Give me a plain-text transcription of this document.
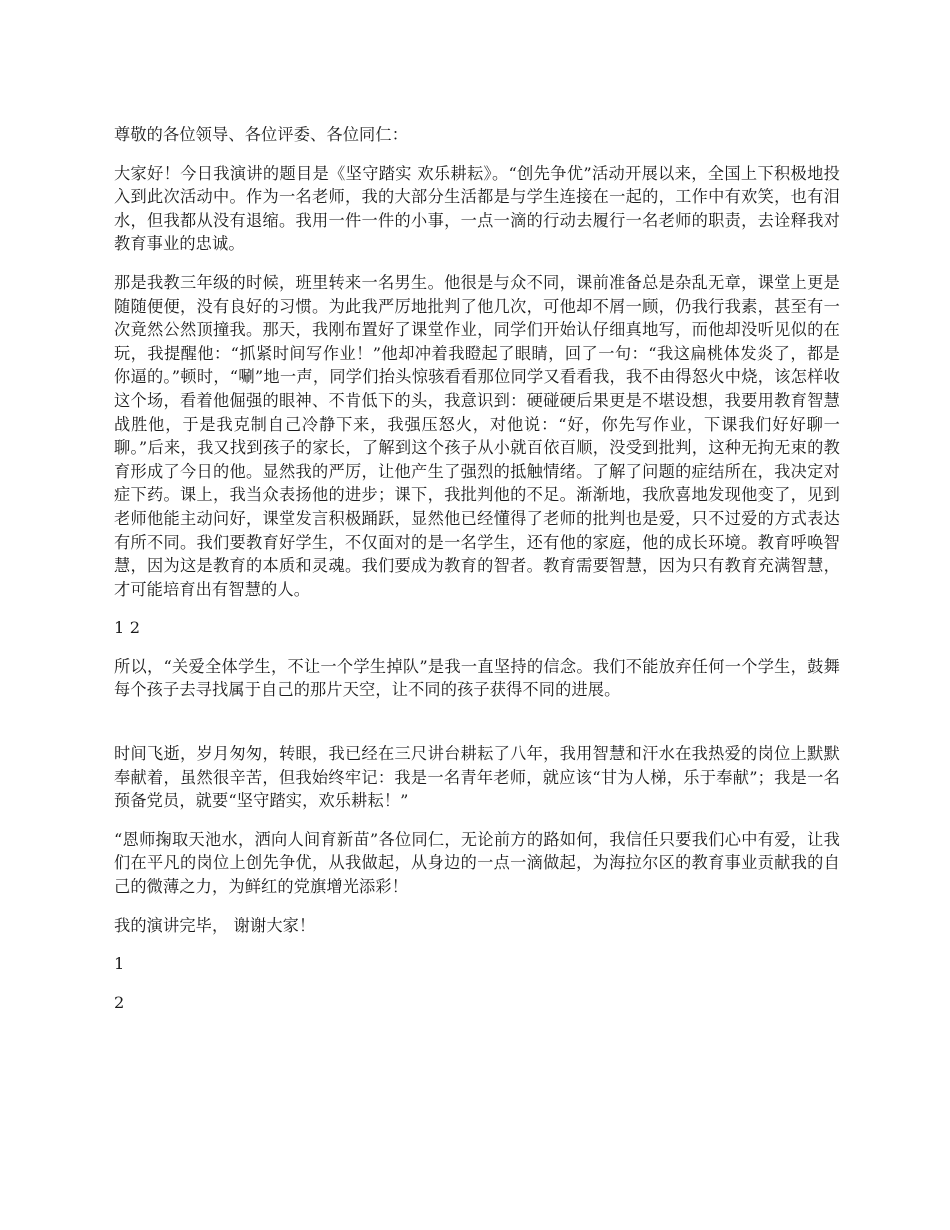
尊敬的各位领导、各位评委、各位同仁：

大家好！今日我演讲的题目是《坚守踏实 欢乐耕耘》。“创先争优”活动开展以来，全国上下积极地投入到此次活动中。作为一名老师，我的大部分生活都是与学生连接在一起的，工作中有欢笑，也有泪水，但我都从没有退缩。我用一件一件的小事，一点一滴的行动去履行一名老师的职责，去诠释我对教育事业的忠诚。

那是我教三年级的时候，班里转来一名男生。他很是与众不同，课前准备总是杂乱无章，课堂上更是随随便便，没有良好的习惯。为此我严厉地批判了他几次，可他却不屑一顾，仍我行我素，甚至有一次竟然公然顶撞我。那天，我刚布置好了课堂作业，同学们开始认仔细真地写，而他却没听见似的在玩，我提醒他：“抓紧时间写作业！”他却冲着我瞪起了眼睛，回了一句：“我这扁桃体发炎了，都是你逼的。”顿时，“唰”地一声，同学们抬头惊骇看看那位同学又看看我，我不由得怒火中烧，该怎样收这个场，看着他倔强的眼神、不肯低下的头，我意识到：硬碰硬后果更是不堪设想，我要用教育智慧战胜他，于是我克制自己冷静下来，我强压怒火，对他说：“好，你先写作业，下课我们好好聊一聊。”后来，我又找到孩子的家长，了解到这个孩子从小就百依百顺，没受到批判，这种无拘无束的教育形成了今日的他。显然我的严厉，让他产生了强烈的抵触情绪。了解了问题的症结所在，我决定对症下药。课上，我当众表扬他的进步；课下，我批判他的不足。渐渐地，我欣喜地发现他变了，见到老师他能主动问好，课堂发言积极踊跃，显然他已经懂得了老师的批判也是爱，只不过爱的方式表达有所不同。我们要教育好学生，不仅面对的是一名学生，还有他的家庭，他的成长环境。教育呼唤智慧，因为这是教育的本质和灵魂。我们要成为教育的智者。教育需要智慧，因为只有教育充满智慧，才可能培育出有智慧的人。

1 2

所以，“关爱全体学生，不让一个学生掉队”是我一直坚持的信念。我们不能放弃任何一个学生，鼓舞每个孩子去寻找属于自己的那片天空，让不同的孩子获得不同的进展。

时间飞逝，岁月匆匆，转眼，我已经在三尺讲台耕耘了八年，我用智慧和汗水在我热爱的岗位上默默奉献着，虽然很辛苦，但我始终牢记：我是一名青年老师，就应该“甘为人梯，乐于奉献”；我是一名预备党员，就要“坚守踏实，欢乐耕耘！”

“恩师掬取天池水，洒向人间育新苗”各位同仁，无论前方的路如何，我信任只要我们心中有爱，让我们在平凡的岗位上创先争优，从我做起，从身边的一点一滴做起，为海拉尔区的教育事业贡献我的自己的微薄之力，为鲜红的党旗增光添彩！

我的演讲完毕， 谢谢大家！

1

2
